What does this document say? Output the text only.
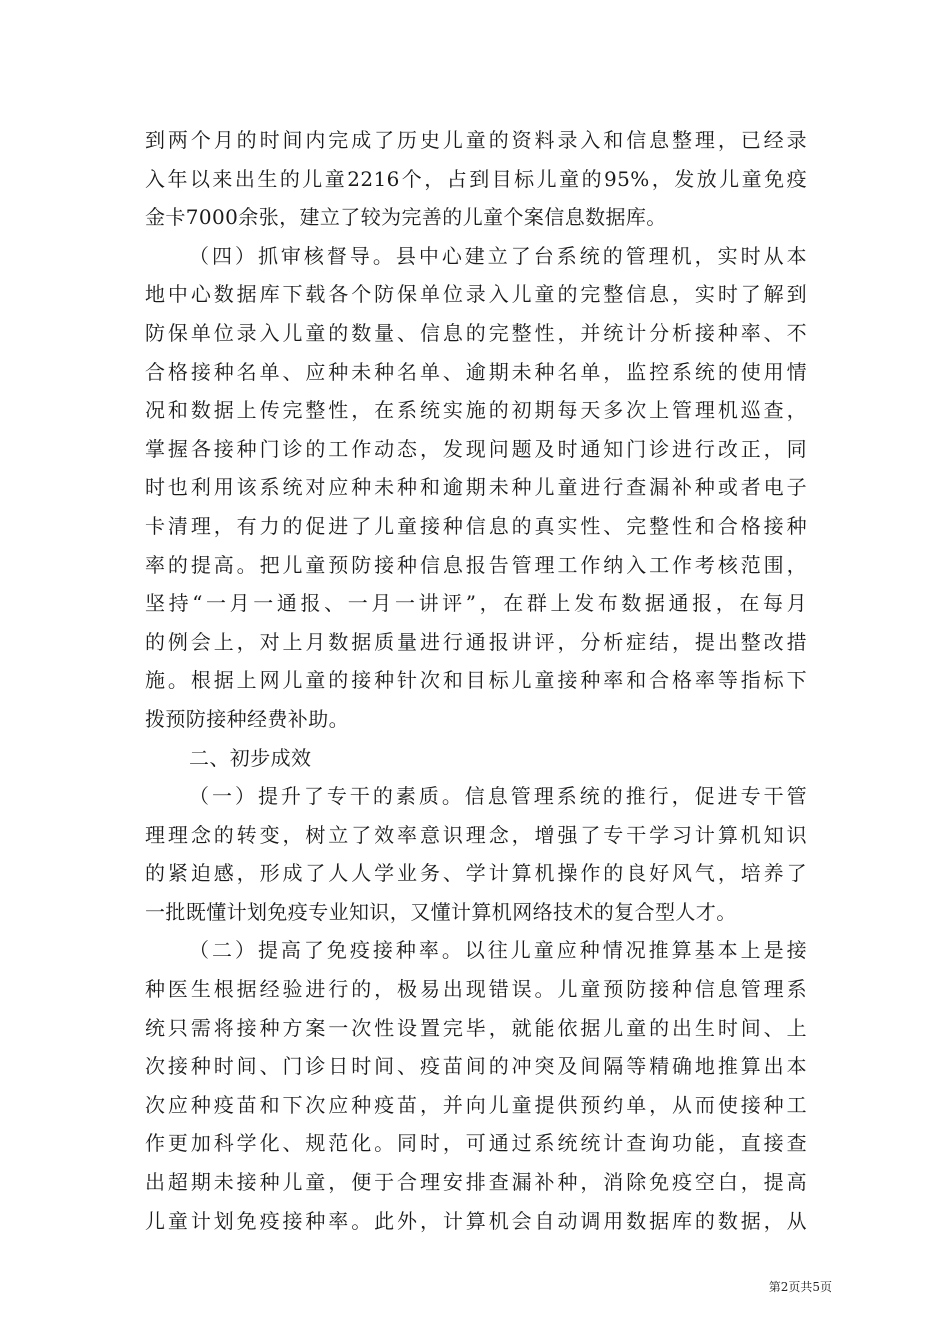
到两个月的时间内完成了历史儿童的资料录入和信息整理，已经录
入年以来出生的儿童2216个，占到目标儿童的95%，发放儿童免疫
金卡7000余张，建立了较为完善的儿童个案信息数据库。
（四）抓审核督导。县中心建立了台系统的管理机，实时从本
地中心数据库下载各个防保单位录入儿童的完整信息，实时了解到
防保单位录入儿童的数量、信息的完整性，并统计分析接种率、不
合格接种名单、应种未种名单、逾期未种名单，监控系统的使用情
况和数据上传完整性，在系统实施的初期每天多次上管理机巡查，
掌握各接种门诊的工作动态，发现问题及时通知门诊进行改正，同
时也利用该系统对应种未种和逾期未种儿童进行查漏补种或者电子
卡清理，有力的促进了儿童接种信息的真实性、完整性和合格接种
率的提高。把儿童预防接种信息报告管理工作纳入工作考核范围，
坚持“一月一通报、一月一讲评”，在群上发布数据通报，在每月
的例会上，对上月数据质量进行通报讲评，分析症结，提出整改措
施。根据上网儿童的接种针次和目标儿童接种率和合格率等指标下
拨预防接种经费补助。
二、初步成效
（一）提升了专干的素质。信息管理系统的推行，促进专干管
理理念的转变，树立了效率意识理念，增强了专干学习计算机知识
的紧迫感，形成了人人学业务、学计算机操作的良好风气，培养了
一批既懂计划免疫专业知识，又懂计算机网络技术的复合型人才。
（二）提高了免疫接种率。以往儿童应种情况推算基本上是接
种医生根据经验进行的，极易出现错误。儿童预防接种信息管理系
统只需将接种方案一次性设置完毕，就能依据儿童的出生时间、上
次接种时间、门诊日时间、疫苗间的冲突及间隔等精确地推算出本
次应种疫苗和下次应种疫苗，并向儿童提供预约单，从而使接种工
作更加科学化、规范化。同时，可通过系统统计查询功能，直接查
出超期未接种儿童，便于合理安排查漏补种，消除免疫空白，提高
儿童计划免疫接种率。此外，计算机会自动调用数据库的数据，从
第2页共5页
